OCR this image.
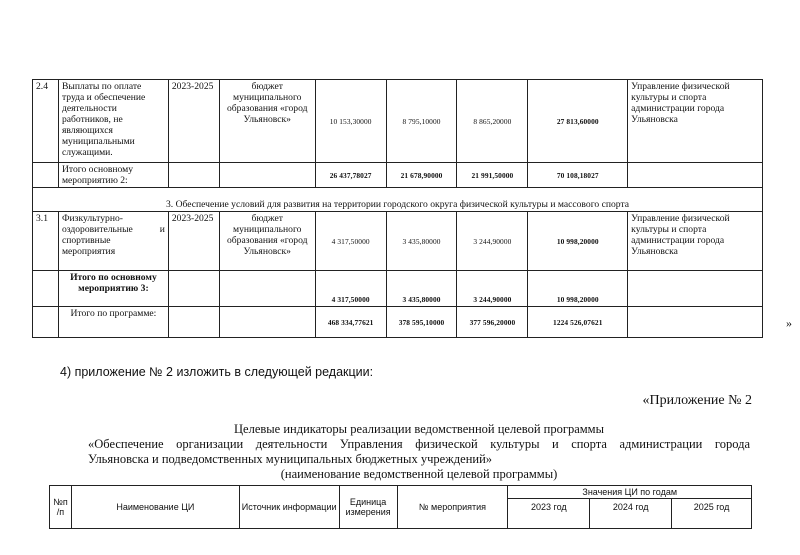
2.4	Выплаты по оплате труда и обеспечение деятельности работников, не являющихся муниципальными служащими.	2023-2025	бюджет муниципального образования «город Ульяновск»	10 153,30000	8 795,10000	8 865,20000	27 813,60000	Управление физической культуры и спорта администрации города Ульяновска
	Итого основному мероприятию 2:			26 437,78027	21 678,90000	21 991,50000	70 108,18027	
3. Обеспечение условий для развития на территории городского округа физической культуры и массового спорта								
3.1	Физкультурно-оздоровительные и спортивные мероприятия	2023-2025	бюджет муниципального образования «город Ульяновск»	4 317,50000	3 435,80000	3 244,90000	10 998,20000	Управление физической культуры и спорта администрации города Ульяновска
	Итого по основному мероприятию 3:			4 317,50000	3 435,80000	3 244,90000	10 998,20000	
	Итого по программе:			468 334,77621	378 595,10000	377 596,20000	1224 526,07621		»
4) приложение № 2 изложить в следующей редакции:
«Приложение № 2
Целевые индикаторы реализации ведомственной целевой программы
«Обеспечение организации деятельности Управления физической культуры и спорта администрации города
Ульяновска и подведомственных муниципальных бюджетных учреждений»
(наименование ведомственной целевой программы)
№п /п	Наименование ЦИ	Источник информации	Единица измерения	№ мероприятия	Значения ЦИ по годам		
					2023 год	2024 год	2025 год
